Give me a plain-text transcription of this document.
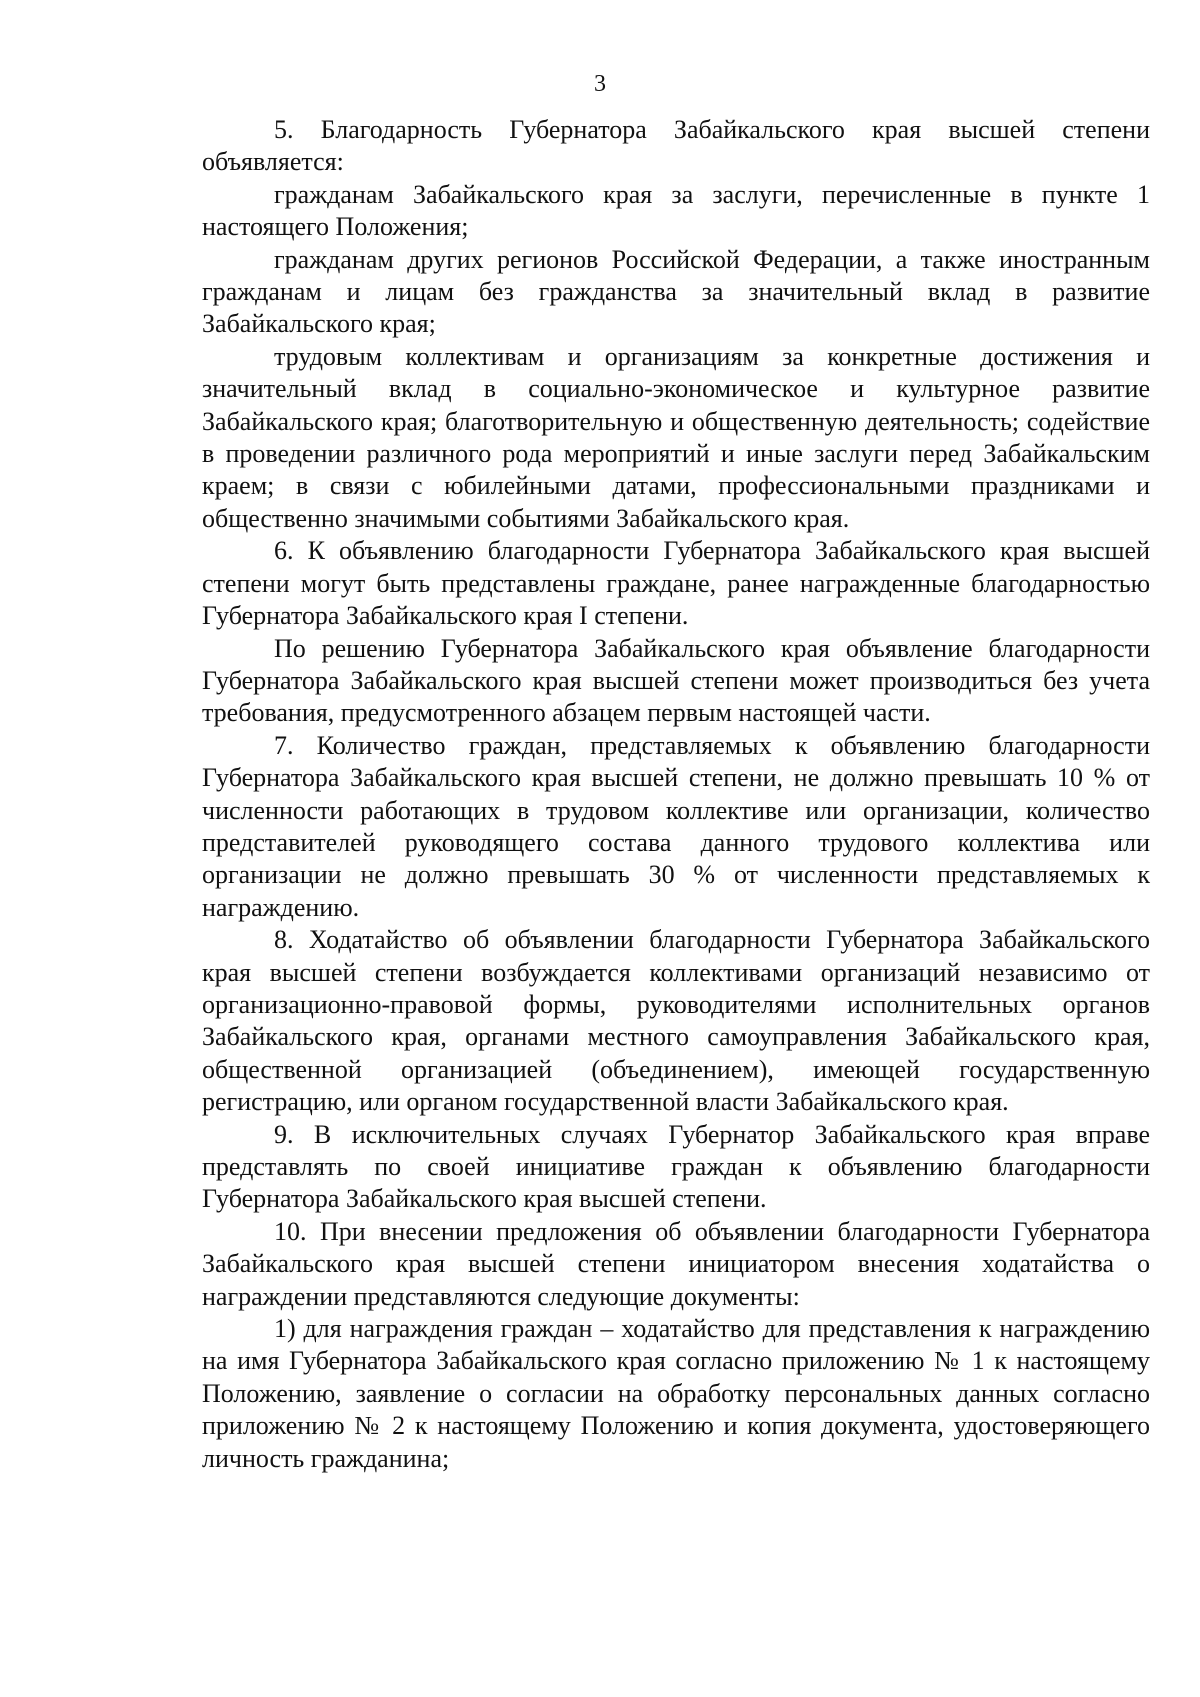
3

5. Благодарность Губернатора Забайкальского края высшей степени объявляется:

гражданам Забайкальского края за заслуги, перечисленные в пункте 1 настоящего Положения;

гражданам других регионов Российской Федерации, а также иностранным гражданам и лицам без гражданства за значительный вклад в развитие Забайкальского края;

трудовым коллективам и организациям за конкретные достижения и значительный вклад в социально-экономическое и культурное развитие Забайкальского края; благотворительную и общественную деятельность; содействие в проведении различного рода мероприятий и иные заслуги перед Забайкальским краем; в связи с юбилейными датами, профессиональными праздниками и общественно значимыми событиями Забайкальского края.

6. К объявлению благодарности Губернатора Забайкальского края высшей степени могут быть представлены граждане, ранее награжденные благодарностью Губернатора Забайкальского края I степени.

По решению Губернатора Забайкальского края объявление благодарности Губернатора Забайкальского края высшей степени может производиться без учета требования, предусмотренного абзацем первым настоящей части.

7. Количество граждан, представляемых к объявлению благодарности Губернатора Забайкальского края высшей степени, не должно превышать 10 % от численности работающих в трудовом коллективе или организации, количество представителей руководящего состава данного трудового коллектива или организации не должно превышать 30 % от численности представляемых к награждению.

8. Ходатайство об объявлении благодарности Губернатора Забайкальского края высшей степени возбуждается коллективами организаций независимо от организационно-правовой формы, руководителями исполнительных органов Забайкальского края, органами местного самоуправления Забайкальского края, общественной организацией (объединением), имеющей государственную регистрацию, или органом государственной власти Забайкальского края.

9. В исключительных случаях Губернатор Забайкальского края вправе представлять по своей инициативе граждан к объявлению благодарности Губернатора Забайкальского края высшей степени.

10. При внесении предложения об объявлении благодарности Губернатора Забайкальского края высшей степени инициатором внесения ходатайства о награждении представляются следующие документы:

1) для награждения граждан – ходатайство для представления к награждению на имя Губернатора Забайкальского края согласно приложению № 1 к настоящему Положению, заявление о согласии на обработку персональных данных согласно приложению № 2 к настоящему Положению и копия документа, удостоверяющего личность гражданина;
